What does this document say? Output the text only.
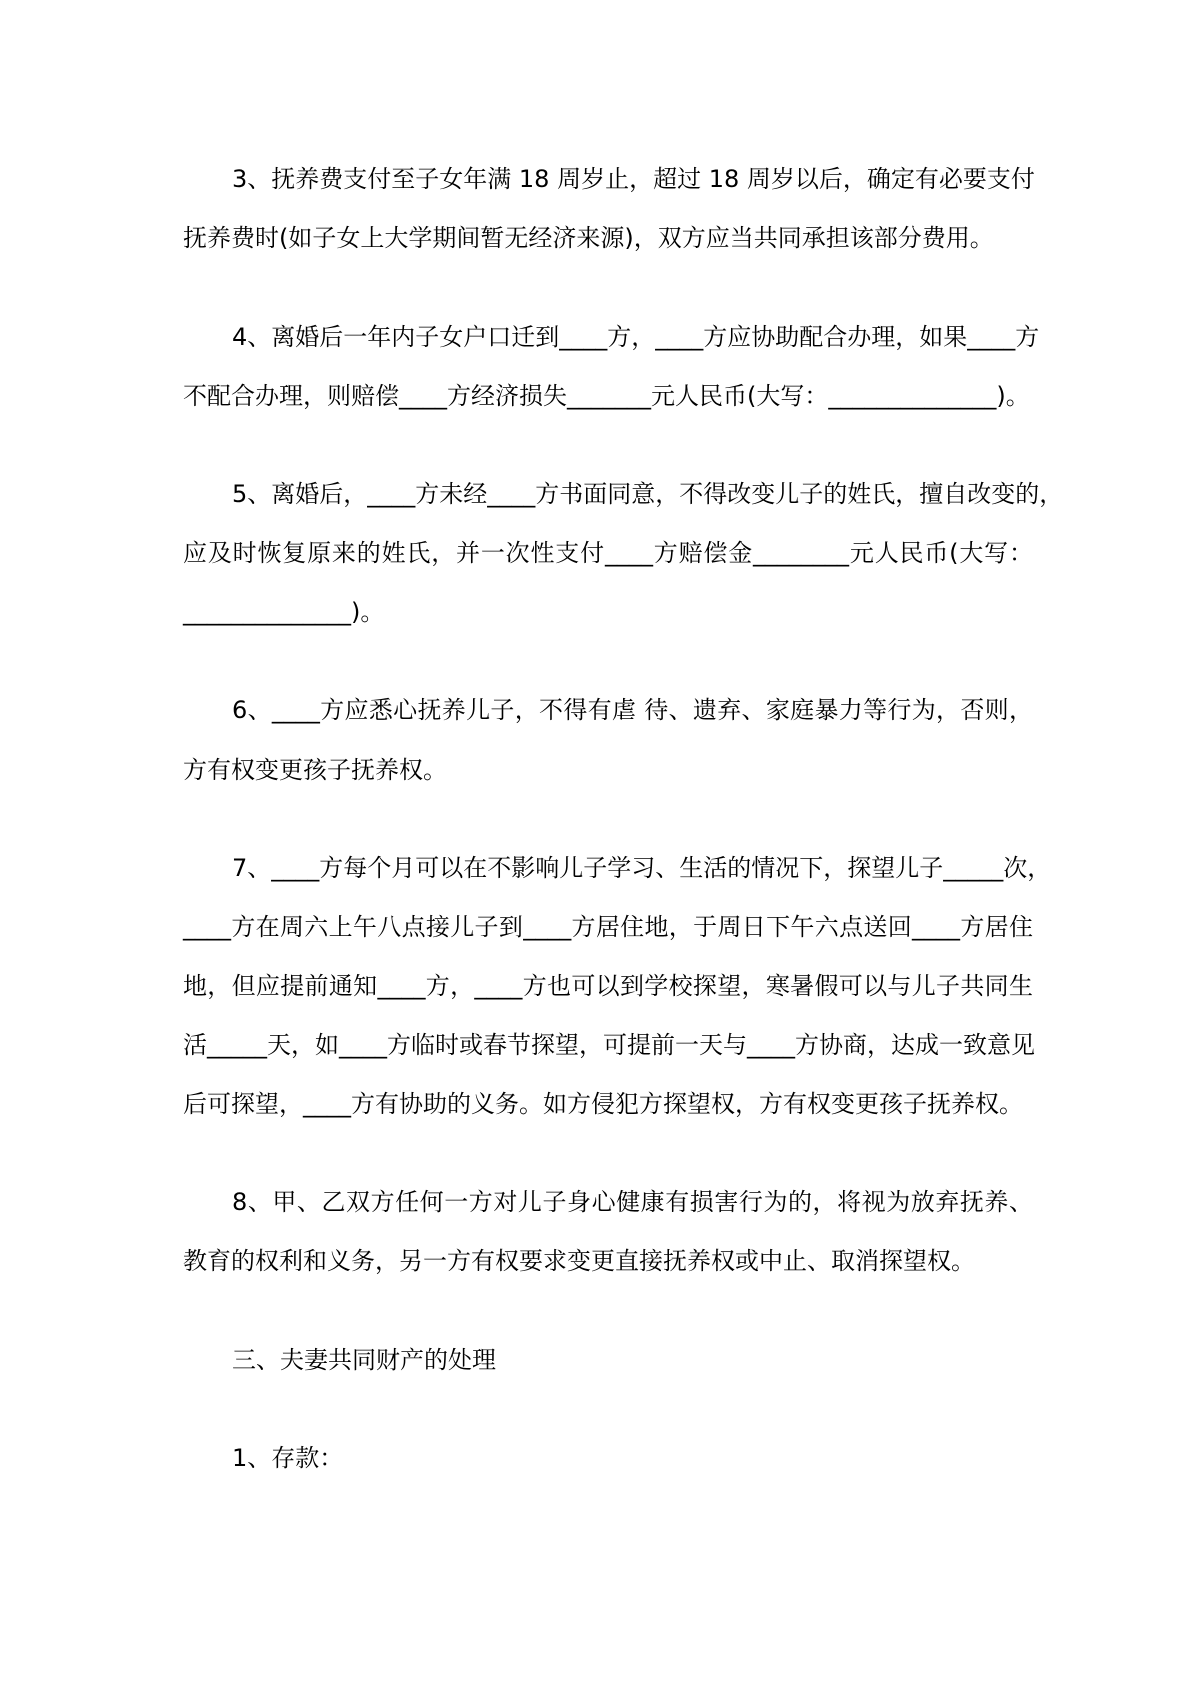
3、抚养费支付至子女年满 18 周岁止，超过 18 周岁以后，确定有必要支付
抚养费时(如子女上大学期间暂无经济来源)，双方应当共同承担该部分费用。
4、离婚后一年内子女户口迁到____方，____方应协助配合办理，如果____方
不配合办理，则赔偿____方经济损失_______元人民币(大写：______________)。
5、离婚后，____方未经____方书面同意，不得改变儿子的姓氏，擅自改变的，
应及时恢复原来的姓氏，并一次性支付____方赔偿金________元人民币(大写：
______________)。
6、____方应悉心抚养儿子，不得有虐 待、遗弃、家庭暴力等行为，否则，
方有权变更孩子抚养权。
7、____方每个月可以在不影响儿子学习、生活的情况下，探望儿子_____次，
____方在周六上午八点接儿子到____方居住地，于周日下午六点送回____方居住
地，但应提前通知____方，____方也可以到学校探望，寒暑假可以与儿子共同生
活_____天，如____方临时或春节探望，可提前一天与____方协商，达成一致意见
后可探望，____方有协助的义务。如方侵犯方探望权，方有权变更孩子抚养权。
8、甲、乙双方任何一方对儿子身心健康有损害行为的，将视为放弃抚养、
教育的权利和义务，另一方有权要求变更直接抚养权或中止、取消探望权。
三、夫妻共同财产的处理
1、存款：
